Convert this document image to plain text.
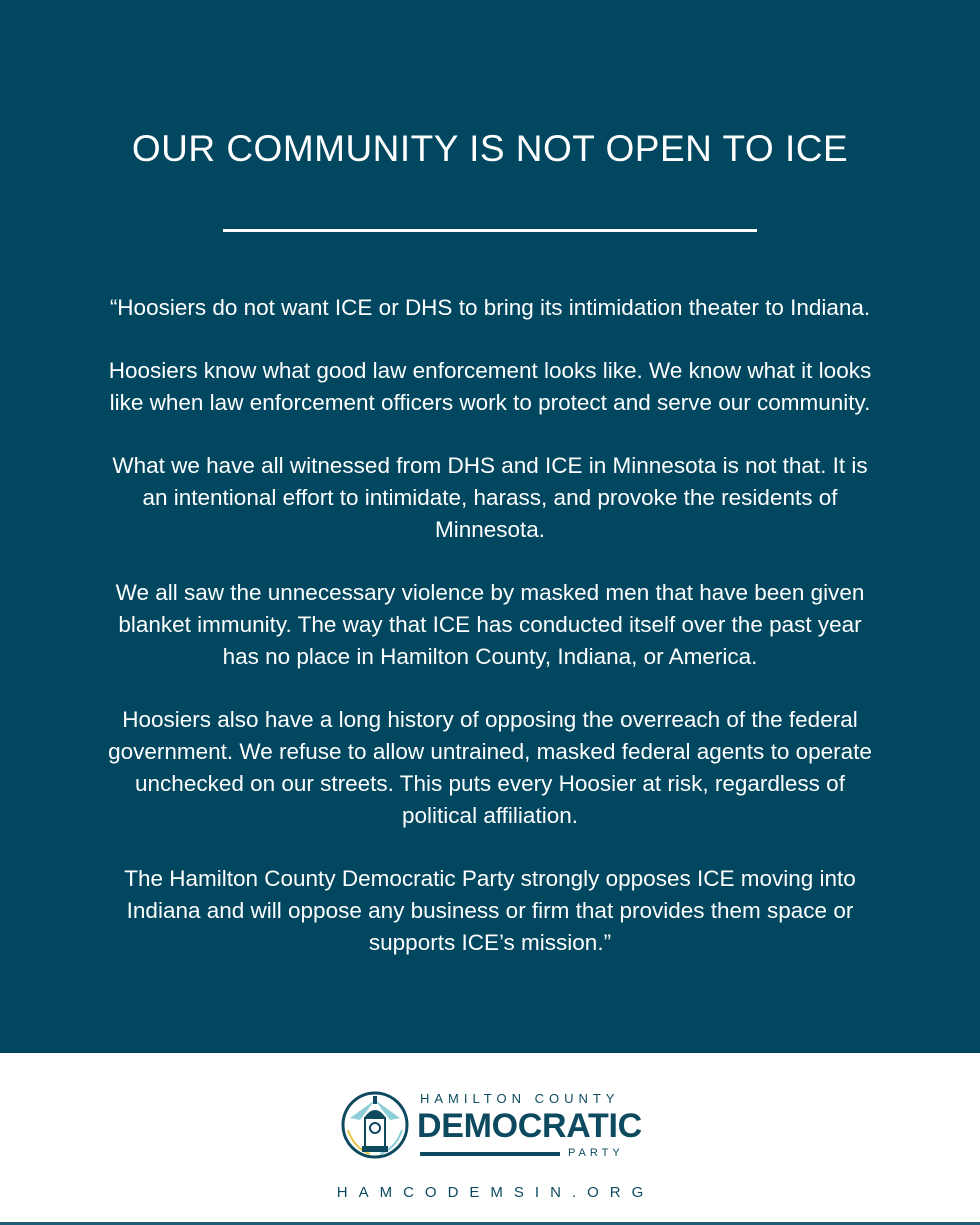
OUR COMMUNITY IS NOT OPEN TO ICE

“Hoosiers do not want ICE or DHS to bring its intimidation theater to Indiana.

Hoosiers know what good law enforcement looks like. We know what it looks
like when law enforcement officers work to protect and serve our community.

What we have all witnessed from DHS and ICE in Minnesota is not that. It is
an intentional effort to intimidate, harass, and provoke the residents of
Minnesota.

We all saw the unnecessary violence by masked men that have been given
blanket immunity. The way that ICE has conducted itself over the past year
has no place in Hamilton County, Indiana, or America.

Hoosiers also have a long history of opposing the overreach of the federal
government. We refuse to allow untrained, masked federal agents to operate
unchecked on our streets. This puts every Hoosier at risk, regardless of
political affiliation.

The Hamilton County Democratic Party strongly opposes ICE moving into
Indiana and will oppose any business or firm that provides them space or
supports ICE’s mission.”

HAMILTON COUNTY
DEMOCRATIC
PARTY
HAMCODEMSIN.ORG
